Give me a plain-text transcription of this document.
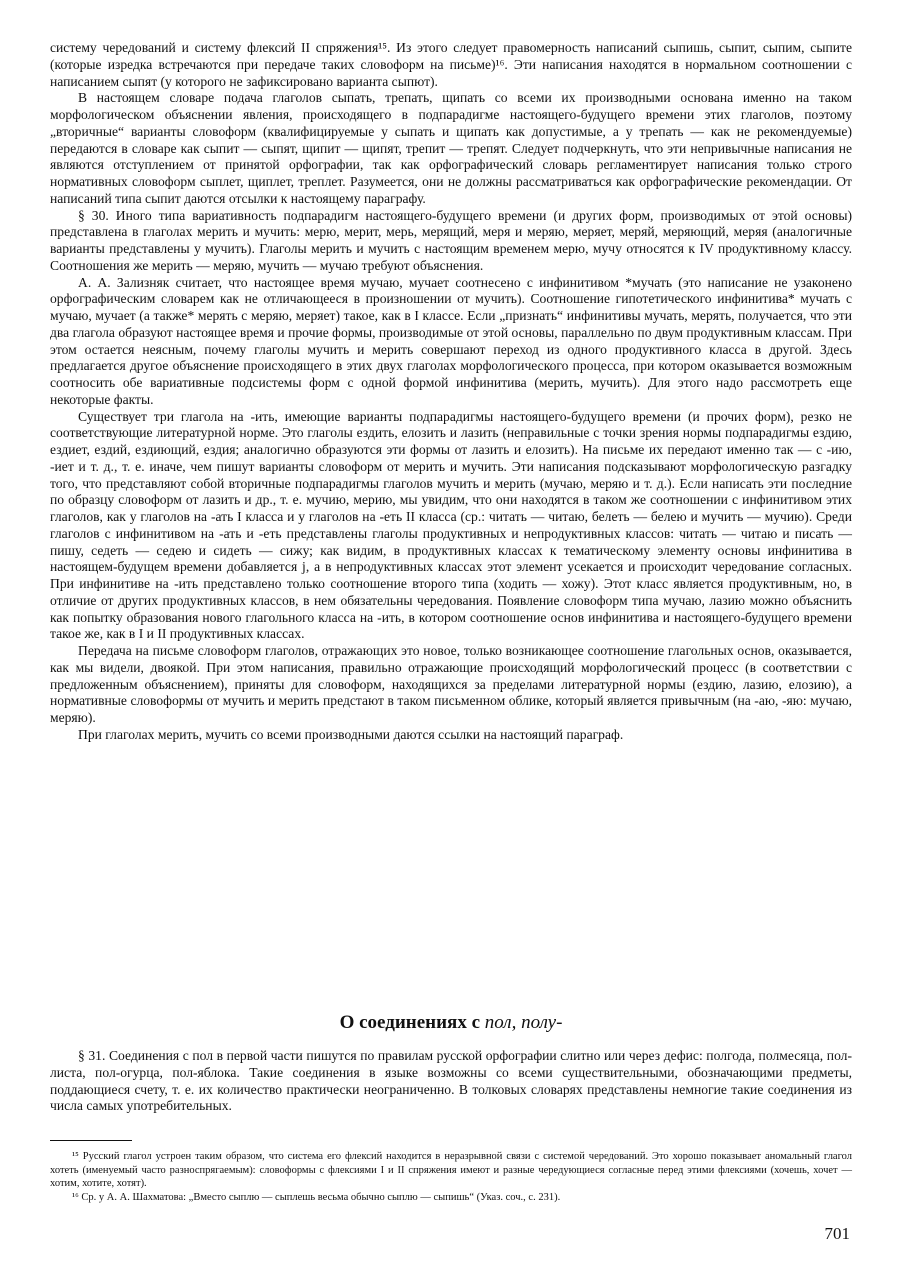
системy чередований и систему флексий II спряжения¹⁵. Из этого следует правомерность написаний сыпишь, сыпит, сыпим, сыпите (которые изредка встречаются при передаче таких словоформ на письме)¹⁶. Эти написания находятся в нормальном соотношении с написанием сыпят (у которого не зафиксировано варианта сыпют).

В настоящем словаре подача глаголов сыпать, трепать, щипать со всеми их производными основана именно на таком морфологическом объяснении явления, происходящего в подпарадигме настоящего-будущего времени этих глаголов, поэтому „вторичные“ варианты словоформ (квалифицируемые у сыпать и щипать как допустимые, а у трепать — как не рекомендуемые) передаются в словаре как сыпит — сыпят, щипит — щипят, трепит — трепят. Следует подчеркнуть, что эти непривычные написания не являются отступлением от принятой орфографии, так как орфографический словарь регламентирует написания только строго нормативных словоформ сыплет, щиплет, треплет. Разумеется, они не должны рассматриваться как орфографические рекомендации. От написаний типа сыпит даются отсылки к настоящему параграфу.

§ 30. Иного типа вариативность подпарадигм настоящего-будущего времени (и других форм, производимых от этой основы) представлена в глаголах мерить и мучить: мерю, мерит, мерь, мерящий, меря и меряю, меряет, меряй, меряющий, меряя (аналогичные варианты представлены у мучить). Глаголы мерить и мучить с настоящим временем мерю, мучу относятся к IV продуктивному классу. Соотношения же мерить — меряю, мучить — мучаю требуют объяснения.

А. А. Зализняк считает, что настоящее время мучаю, мучает соотнесено с инфинитивом *мучать (это написание не узаконено орфографическим словарем как не отличающееся в произношении от мучить). Соотношение гипотетического инфинитива* мучать с мучаю, мучает (а также* мерять с меряю, меряет) такое, как в I классе. Если „признать“ инфинитивы мучать, мерять, получается, что эти два глагола образуют настоящее время и прочие формы, производимые от этой основы, параллельно по двум продуктивным классам. При этом остается неясным, почему глаголы мучить и мерить совершают переход из одного продуктивного класса в другой. Здесь предлагается другое объяснение происходящего в этих двух глаголах морфологического процесса, при котором оказывается возможным соотносить обе вариативные подсистемы форм с одной формой инфинитива (мерить, мучить). Для этого надо рассмотреть еще некоторые факты.

Существует три глагола на -ить, имеющие варианты подпарадигмы настоящего-будущего времени (и прочих форм), резко не соответствующие литературной норме. Это глаголы ездить, елозить и лазить (неправильные с точки зрения нормы подпарадигмы ездию, ездиет, ездий, ездиющий, ездия; аналогично образуются эти формы от лазить и елозить). На письме их передают именно так — с -ию, -иет и т. д., т. е. иначе, чем пишут варианты словоформ от мерить и мучить. Эти написания подсказывают морфологическую разгадку того, что представляют собой вторичные подпарадигмы глаголов мучить и мерить (мучаю, меряю и т. д.). Если написать эти последние по образцу словоформ от лазить и др., т. е. мучию, мерию, мы увидим, что они находятся в таком же соотношении с инфинитивом этих глаголов, как у глаголов на -ать I класса и у глаголов на -еть II класса (ср.: читать — читаю, белеть — белею и мучить — мучию). Среди глаголов с инфинитивом на -ать и -еть представлены глаголы продуктивных и непродуктивных классов: читать — читаю и писать — пишу, седеть — седею и сидеть — сижу; как видим, в продуктивных классах к тематическому элементу основы инфинитива в настоящем-будущем времени добавляется j, а в непродуктивных классах этот элемент усекается и происходит чередование согласных. При инфинитиве на -ить представлено только соотношение второго типа (ходить — хожу). Этот класс является продуктивным, но, в отличие от других продуктивных классов, в нем обязательны чередования. Появление словоформ типа мучаю, лазию можно объяснить как попытку образования нового глагольного класса на -ить, в котором соотношение основ инфинитива и настоящего-будущего времени такое же, как в I и II продуктивных классах.

Передача на письме словоформ глаголов, отражающих это новое, только возникающее соотношение глагольных основ, оказывается, как мы видели, двоякой. При этом написания, правильно отражающие происходящий морфологический процесс (в соответствии с предложенным объяснением), приняты для словоформ, находящихся за пределами литературной нормы (ездию, лазию, елозию), а нормативные словоформы от мучить и мерить предстают в таком письменном облике, который является привычным (на -аю, -яю: мучаю, меряю).

При глаголах мерить, мучить со всеми производными даются ссылки на настоящий параграф.

О соединениях с пол, полу-

§ 31. Соединения с пол в первой части пишутся по правилам русской орфографии слитно или через дефис: полгода, полмесяца, пол-листа, пол-огурца, пол-яблока. Такие соединения в языке возможны со всеми существительными, обозначающими предметы, поддающиеся счету, т. е. их количество практически неограниченно. В толковых словарях представлены немногие такие соединения из числа самых употребительных.

¹⁵ Русский глагол устроен таким образом, что система его флексий находится в неразрывной связи с системой чередований. Это хорошо показывает аномальный глагол хотеть (именуемый часто разноспрягаемым): словоформы с флексиями I и II спряжения имеют и разные чередующиеся согласные перед этими флексиями (хочешь, хочет — хотим, хотите, хотят).

¹⁶ Ср. у А. А. Шахматова: „Вместо сыплю — сыплешь весьма обычно сыплю — сыпишь“ (Указ. соч., с. 231).

701
